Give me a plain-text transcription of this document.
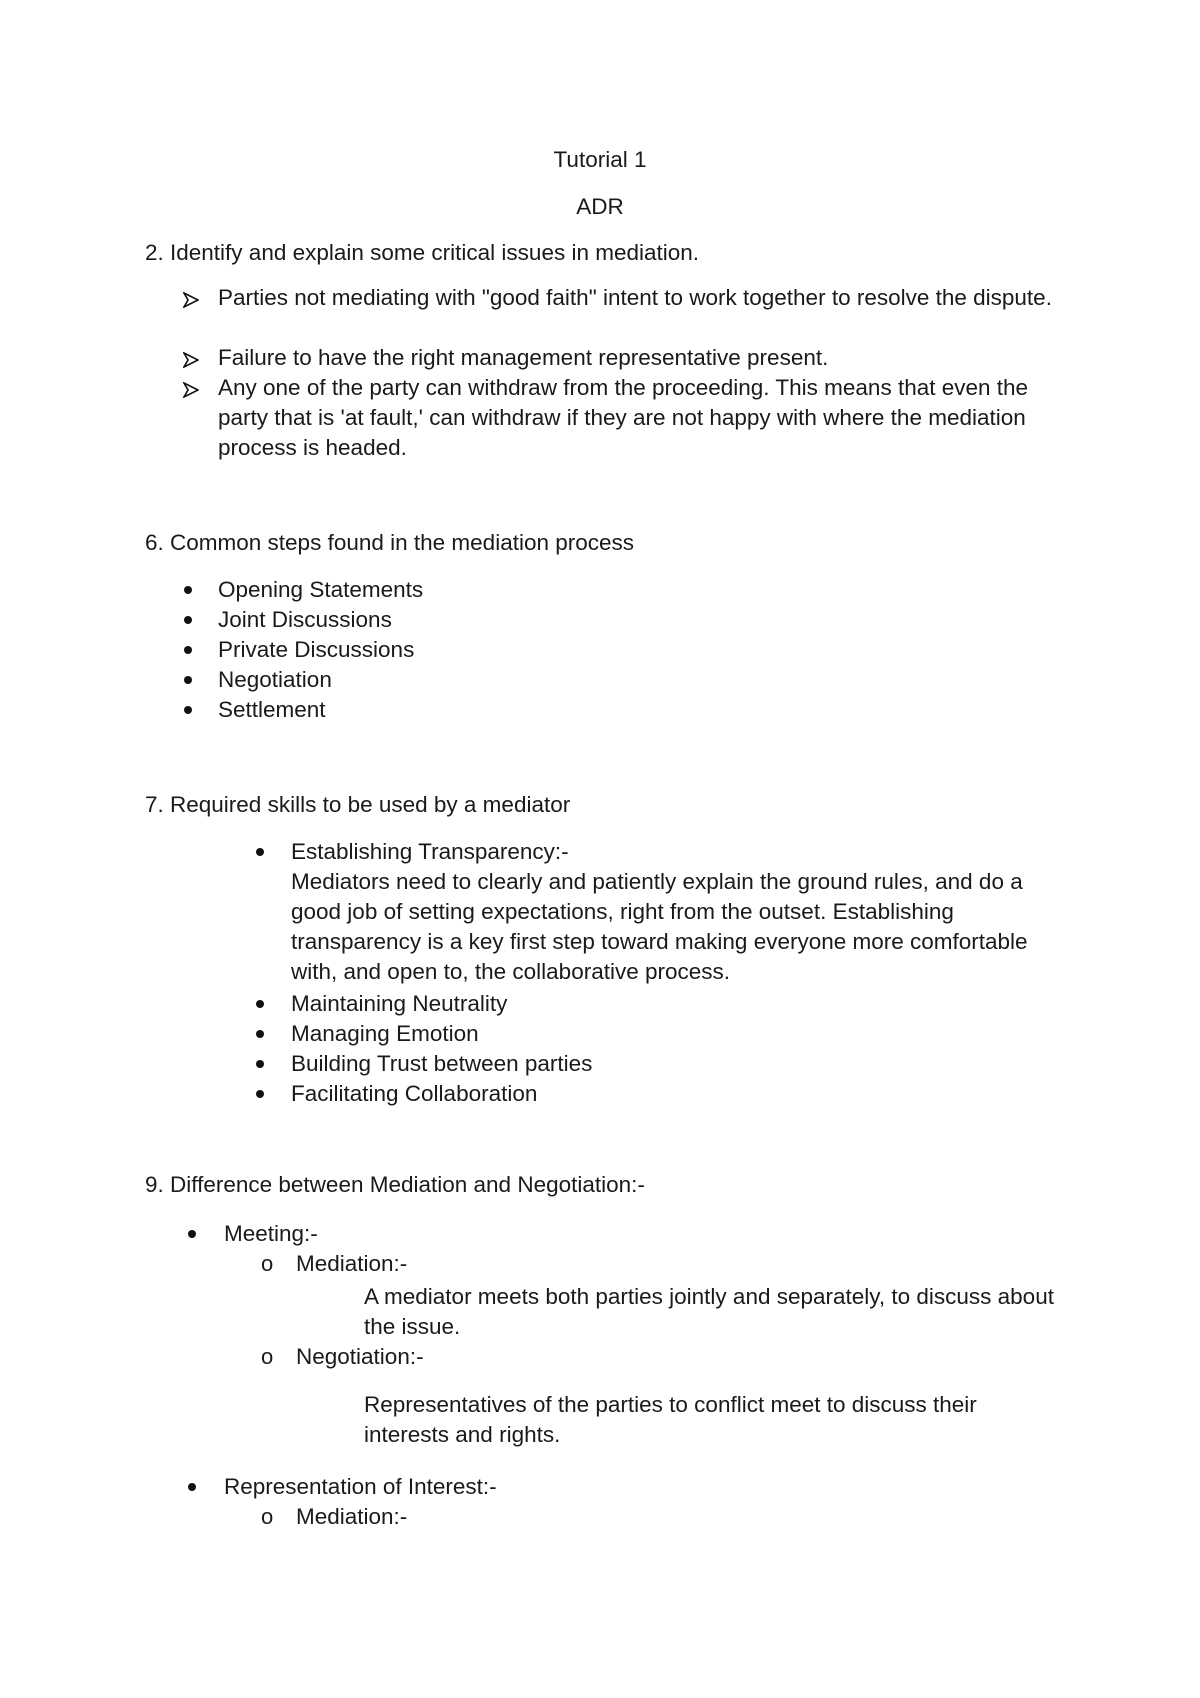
Tutorial 1
ADR
2. Identify and explain some critical issues in mediation.
Parties not mediating with "good faith" intent to work together to resolve the dispute.
Failure to have the right management representative present.
Any one of the party can withdraw from the proceeding. This means that even the party that is 'at fault,' can withdraw if they are not happy with where the mediation process is headed.
6. Common steps found in the mediation process
Opening Statements
Joint Discussions
Private Discussions
Negotiation
Settlement
7. Required skills to be used by a mediator
Establishing Transparency:-
Mediators need to clearly and patiently explain the ground rules, and do a good job of setting expectations, right from the outset. Establishing transparency is a key first step toward making everyone more comfortable with, and open to, the collaborative process.
Maintaining Neutrality
Managing Emotion
Building Trust between parties
Facilitating Collaboration
9. Difference between Mediation and Negotiation:-
Meeting:-
o Mediation:-
A mediator meets both parties jointly and separately, to discuss about the issue.
o Negotiation:-
Representatives of the parties to conflict meet to discuss their interests and rights.
Representation of Interest:-
o Mediation:-
